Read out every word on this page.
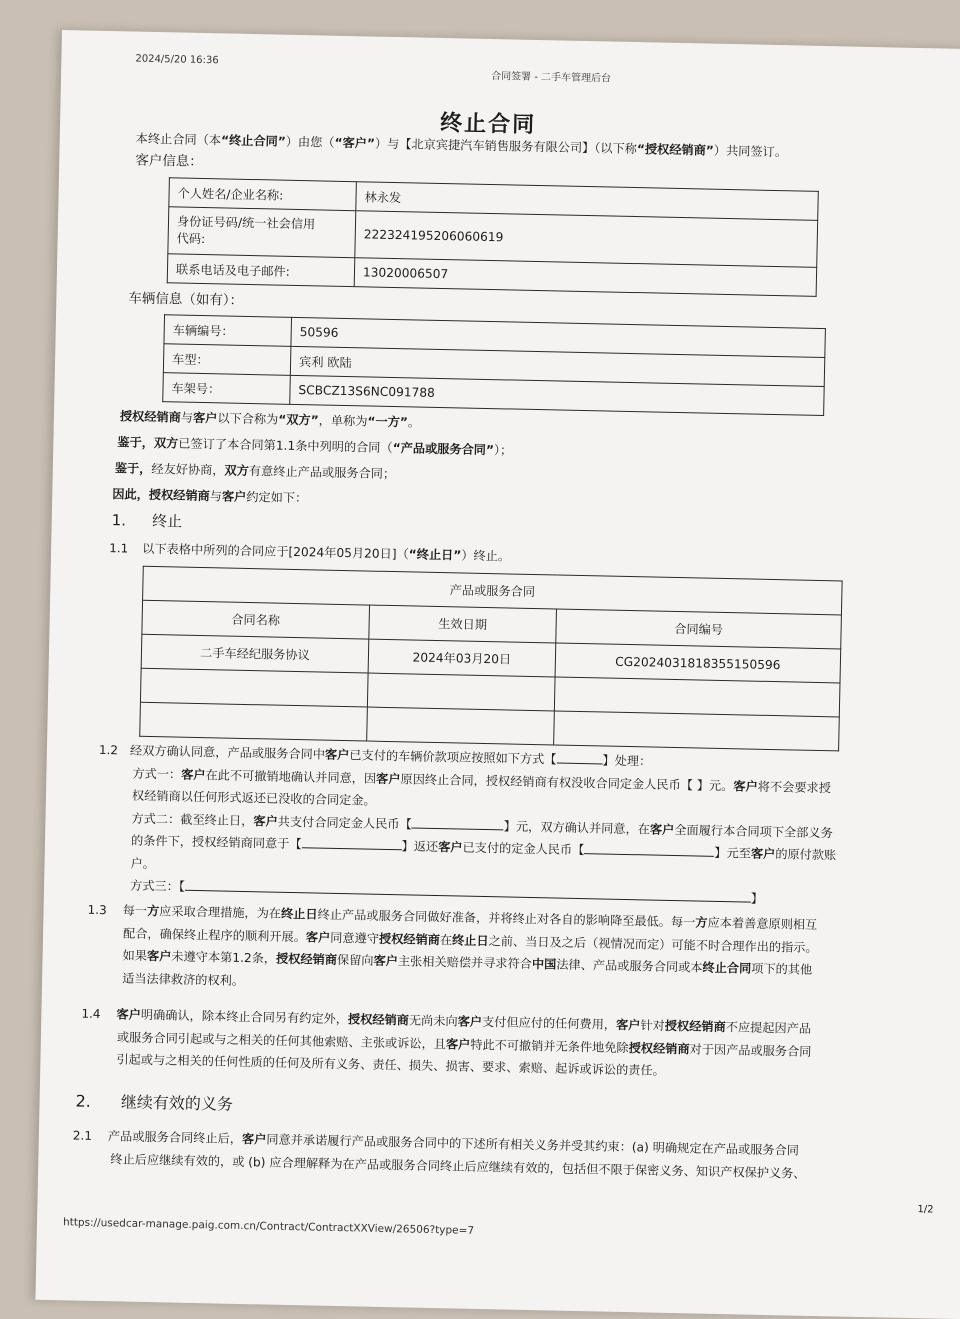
2024/5/20 16:36
合同签署 - 二手车管理后台
终止合同
本终止合同（本“终止合同”）由您（“客户”）与【北京宾捷汽车销售服务有限公司】（以下称“授权经销商”）共同签订。
客户信息：
个人姓名/企业名称:	林永发
身份证号码/统一社会信用
代码:	222324195206060619
联系电话及电子邮件:	13020006507
车辆信息（如有）：
车辆编号：	50596
车型：	宾利 欧陆
车架号：	SCBCZ13S6NC091788
授权经销商与客户以下合称为“双方”，单称为“一方”。
鉴于，双方已签订了本合同第1.1条中列明的合同（“产品或服务合同”）；
鉴于，经友好协商，双方有意终止产品或服务合同；
因此，授权经销商与客户约定如下：
1. 终止
1.1 以下表格中所列的合同应于[2024年05月20日]（“终止日”）终止。
产品或服务合同		
合同名称	生效日期	合同编号
二手车经纪服务协议	2024年03月20日	CG2024031818355150596

1.2 经双方确认同意，产品或服务合同中客户已支付的车辆价款项应按照如下方式【	】处理：
方式一：客户在此不可撤销地确认并同意，因客户原因终止合同，授权经销商有权没收合同定金人民币【 】元。客户将不会要求授
权经销商以任何形式返还已没收的合同定金。
方式二：截至终止日，客户共支付合同定金人民币【	】元，双方确认并同意，在客户全面履行本合同项下全部义务
的条件下，授权经销商同意于【	】返还客户已支付的定金人民币【	】元至客户的原付款账
户。
方式三：【】
1.3 每一方应采取合理措施，为在终止日终止产品或服务合同做好准备，并将终止对各自的影响降至最低。每一方应本着善意原则相互
配合，确保终止程序的顺利开展。客户同意遵守授权经销商在终止日之前、当日及之后（视情况而定）可能不时合理作出的指示。
如果客户未遵守本第1.2条，授权经销商保留向客户主张相关赔偿并寻求符合中国法律、产品或服务合同或本终止合同项下的其他
适当法律救济的权利。
1.4 客户明确确认，除本终止合同另有约定外，授权经销商无尚未向客户支付但应付的任何费用，客户针对授权经销商不应提起因产品
或服务合同引起或与之相关的任何其他索赔、主张或诉讼，且客户特此不可撤销并无条件地免除授权经销商对于因产品或服务合同
引起或与之相关的任何性质的任何及所有义务、责任、损失、损害、要求、索赔、起诉或诉讼的责任。
2. 继续有效的义务
2.1 产品或服务合同终止后，客户同意并承诺履行产品或服务合同中的下述所有相关义务并受其约束：(a) 明确规定在产品或服务合同
终止后应继续有效的，或 (b) 应合理解释为在产品或服务合同终止后应继续有效的，包括但不限于保密义务、知识产权保护义务、
1/2
https://usedcar-manage.paig.com.cn/Contract/ContractXXView/26506?type=7
